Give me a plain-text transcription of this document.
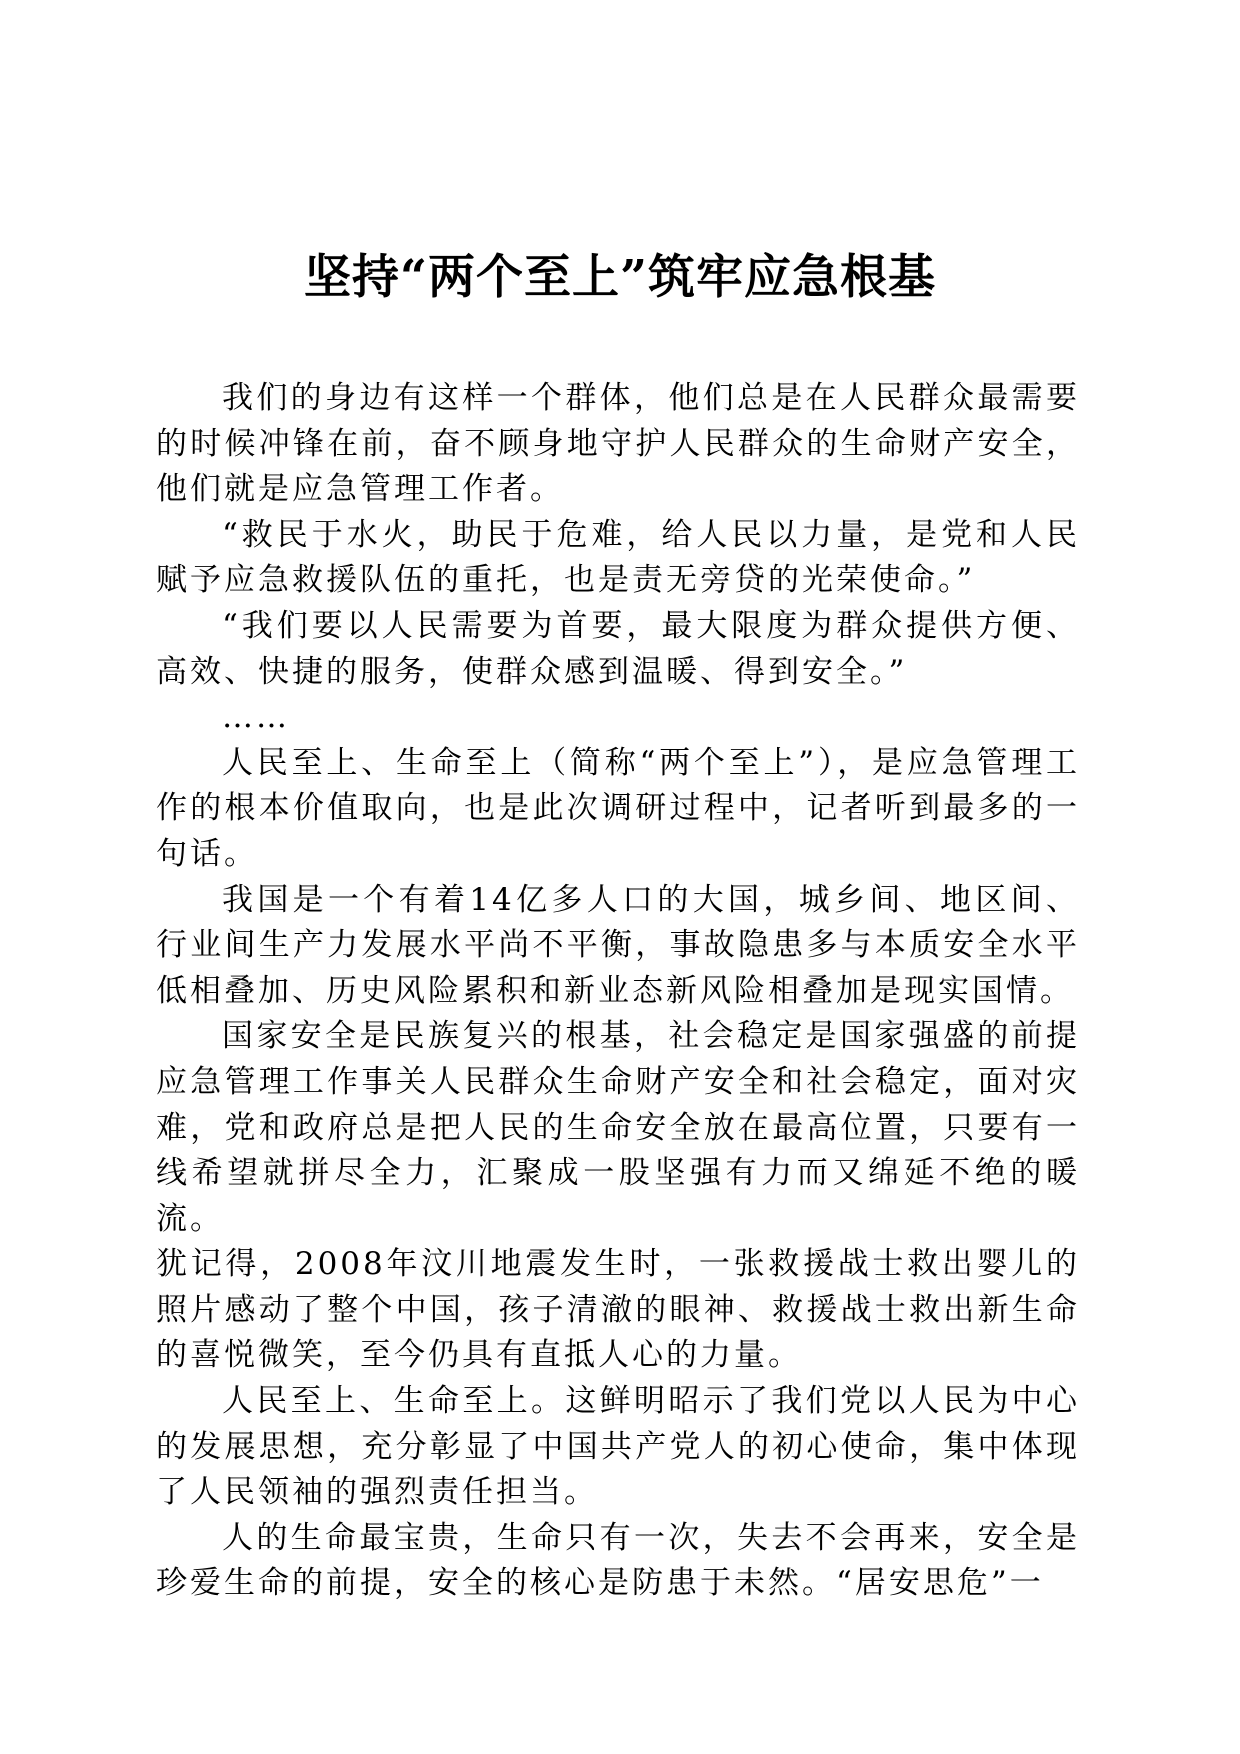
坚持“两个至上”筑牢应急根基

我们的身边有这样一个群体，他们总是在人民群众最需要的时候冲锋在前，奋不顾身地守护人民群众的生命财产安全，他们就是应急管理工作者。

“救民于水火，助民于危难，给人民以力量，是党和人民赋予应急救援队伍的重托，也是责无旁贷的光荣使命。”

“我们要以人民需要为首要，最大限度为群众提供方便、高效、快捷的服务，使群众感到温暖、得到安全。”

……

人民至上、生命至上（简称“两个至上”），是应急管理工作的根本价值取向，也是此次调研过程中，记者听到最多的一句话。

我国是一个有着14亿多人口的大国，城乡间、地区间、行业间生产力发展水平尚不平衡，事故隐患多与本质安全水平低相叠加、历史风险累积和新业态新风险相叠加是现实国情。

国家安全是民族复兴的根基，社会稳定是国家强盛的前提应急管理工作事关人民群众生命财产安全和社会稳定，面对灾难，党和政府总是把人民的生命安全放在最高位置，只要有一线希望就拼尽全力，汇聚成一股坚强有力而又绵延不绝的暖流。

犹记得，2008年汶川地震发生时，一张救援战士救出婴儿的照片感动了整个中国，孩子清澈的眼神、救援战士救出新生命的喜悦微笑，至今仍具有直抵人心的力量。

人民至上、生命至上。这鲜明昭示了我们党以人民为中心的发展思想，充分彰显了中国共产党人的初心使命，集中体现了人民领袖的强烈责任担当。

人的生命最宝贵，生命只有一次，失去不会再来，安全是珍爱生命的前提，安全的核心是防患于未然。“居安思危”一
